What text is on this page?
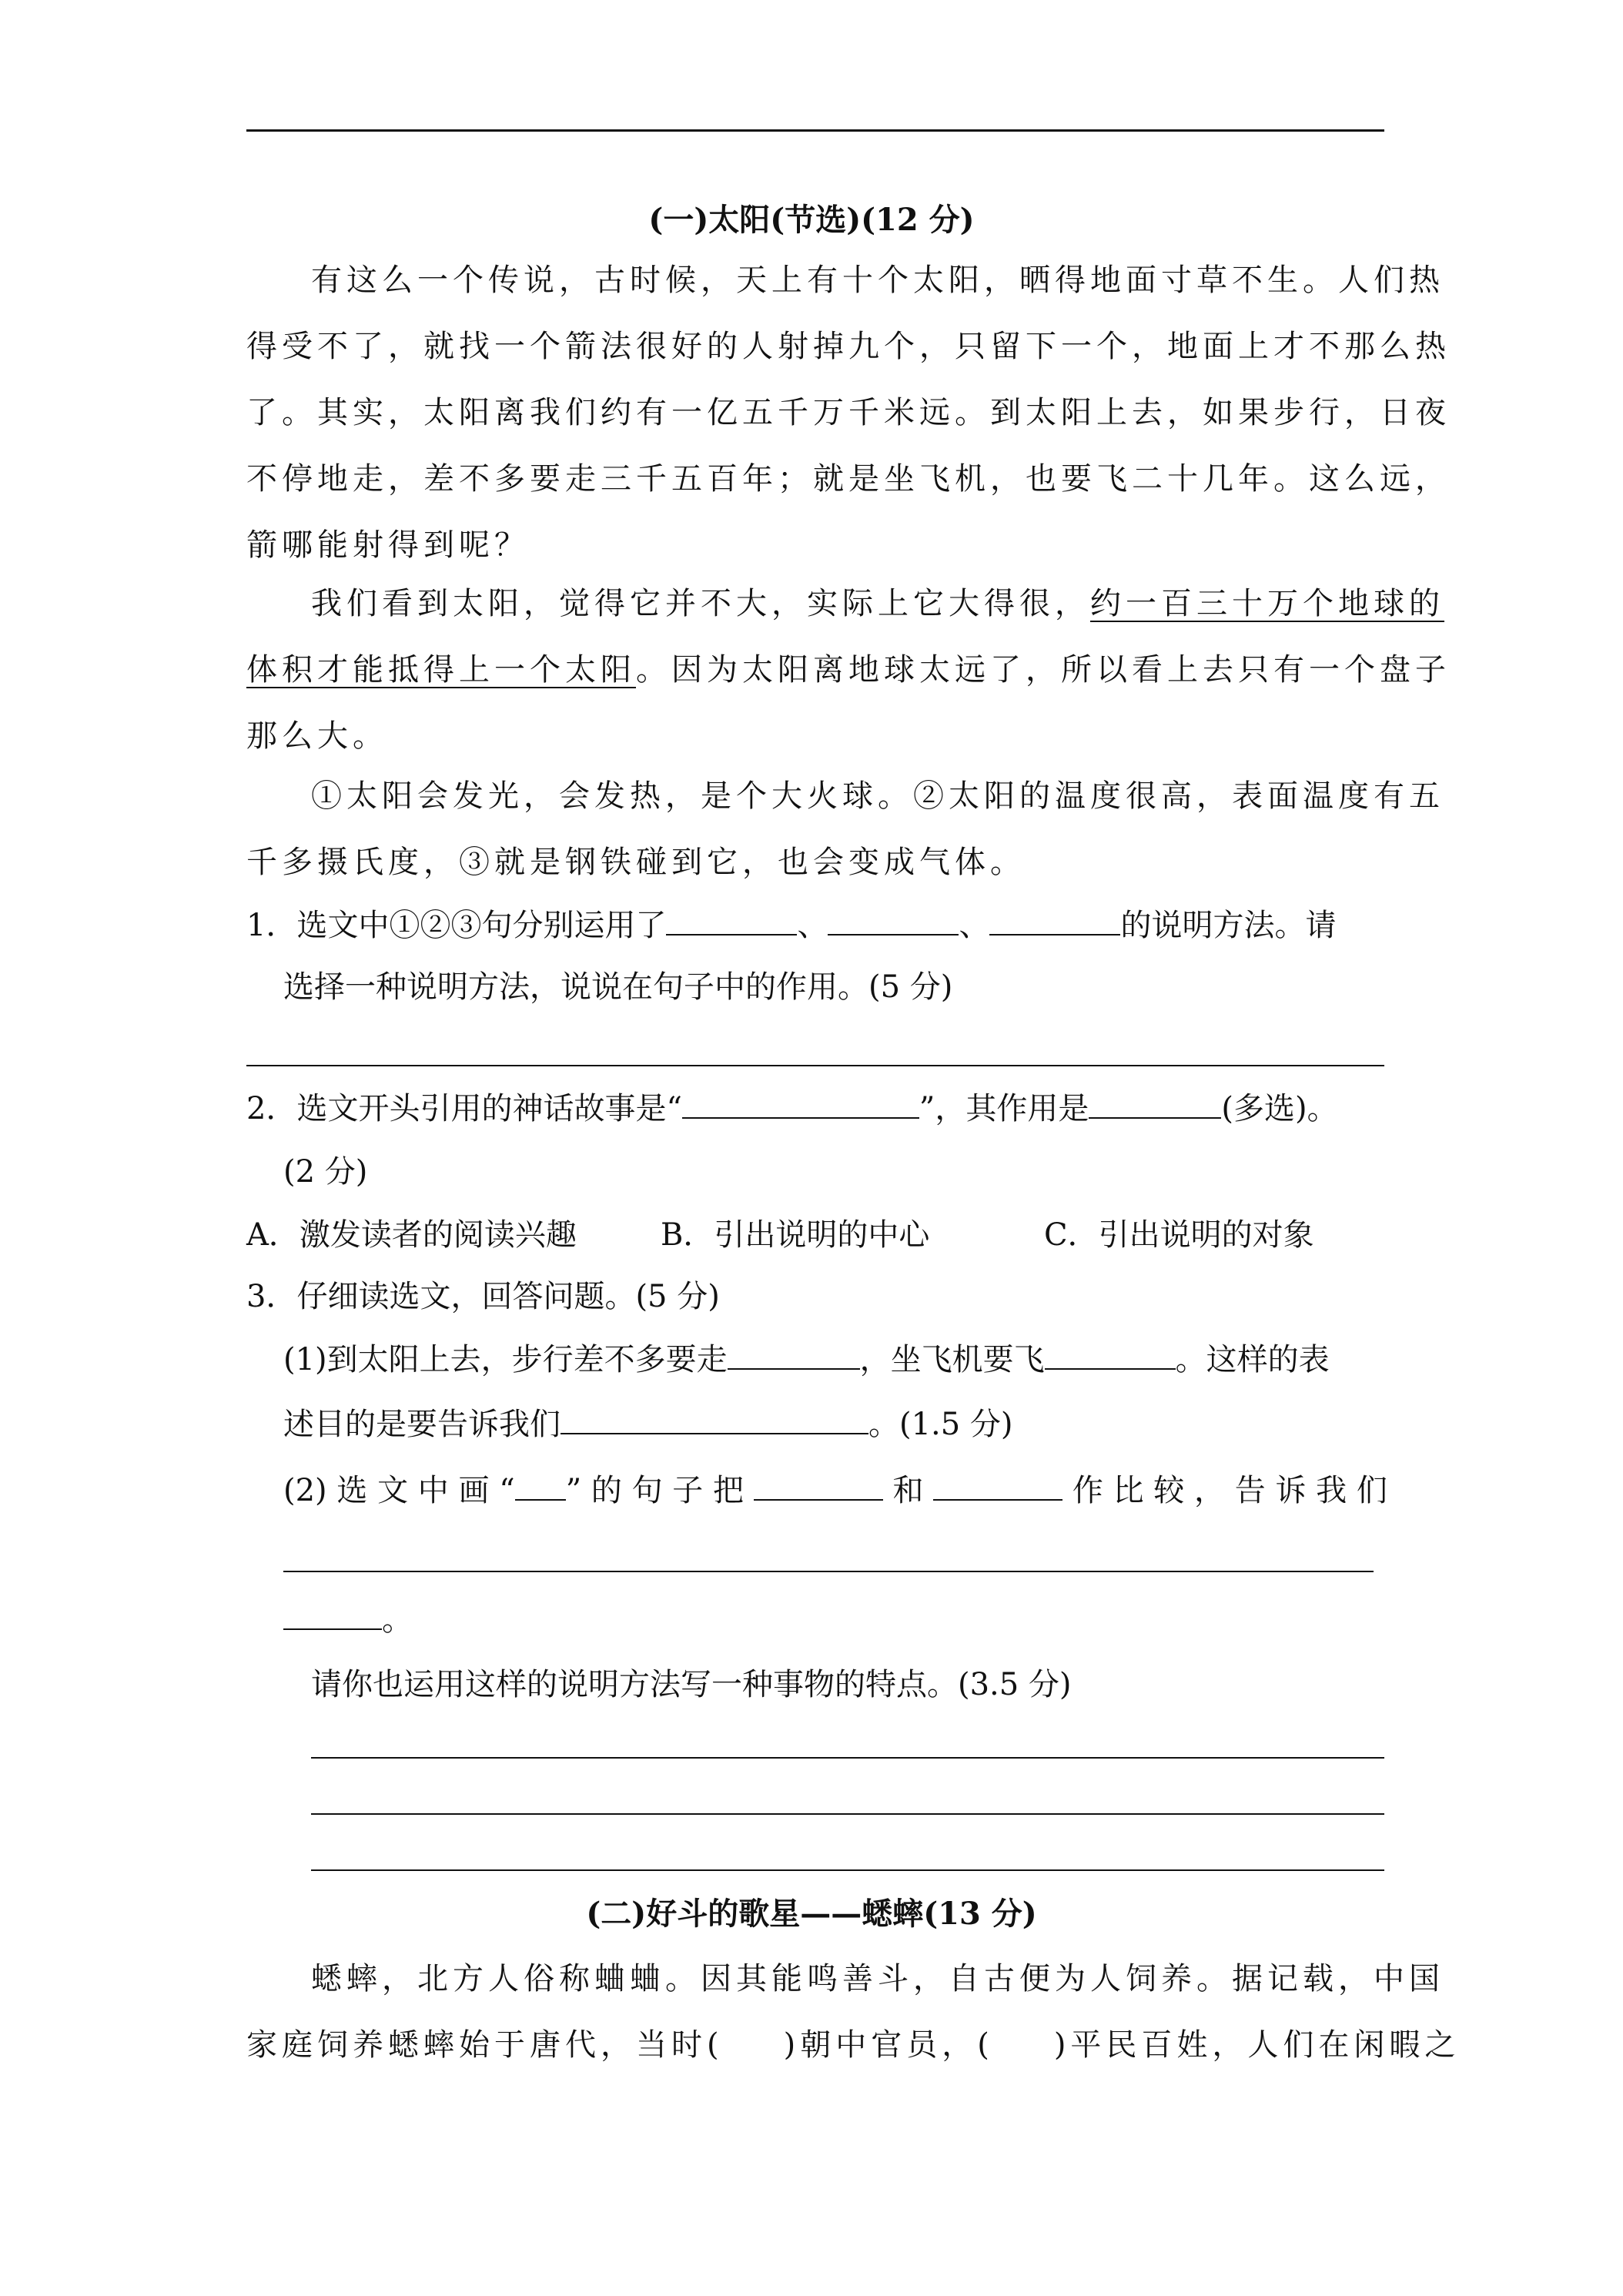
(一)太阳(节选)(12 分)
有这么一个传说，古时候，天上有十个太阳，晒得地面寸草不生。人们热
得受不了，就找一个箭法很好的人射掉九个，只留下一个，地面上才不那么热
了。其实，太阳离我们约有一亿五千万千米远。到太阳上去，如果步行，日夜
不停地走，差不多要走三千五百年；就是坐飞机，也要飞二十几年。这么远，
箭哪能射得到呢？
我们看到太阳，觉得它并不大，实际上它大得很，约一百三十万个地球的
体积才能抵得上一个太阳。因为太阳离地球太远了，所以看上去只有一个盘子
那么大。
①太阳会发光，会发热，是个大火球。②太阳的温度很高，表面温度有五
千多摄氏度，③就是钢铁碰到它，也会变成气体。
1．选文中①②③句分别运用了	、	、	的说明方法。请
选择一种说明方法，说说在句子中的作用。(5 分)
2．选文开头引用的神话故事是“	”，其作用是	(多选)。
(2 分)
A．激发读者的阅读兴趣	B．引出说明的中心	C．引出说明的对象
3．仔细读选文，回答问题。(5 分)
(1)到太阳上去，步行差不多要走	，坐飞机要飞	。这样的表
述目的是要告诉我们	。(1.5 分)
(2) 选 文 中 画 “ ” 的 句 子 把	和	作 比 较 ， 告 诉 我 们
。
请你也运用这样的说明方法写一种事物的特点。(3.5 分)
(二)好斗的歌星——蟋蟀(13 分)
蟋蟀，北方人俗称蛐蛐。因其能鸣善斗，自古便为人饲养。据记载，中国
家庭饲养蟋蟀始于唐代，当时( )朝中官员，( )平民百姓，人们在闲暇之
